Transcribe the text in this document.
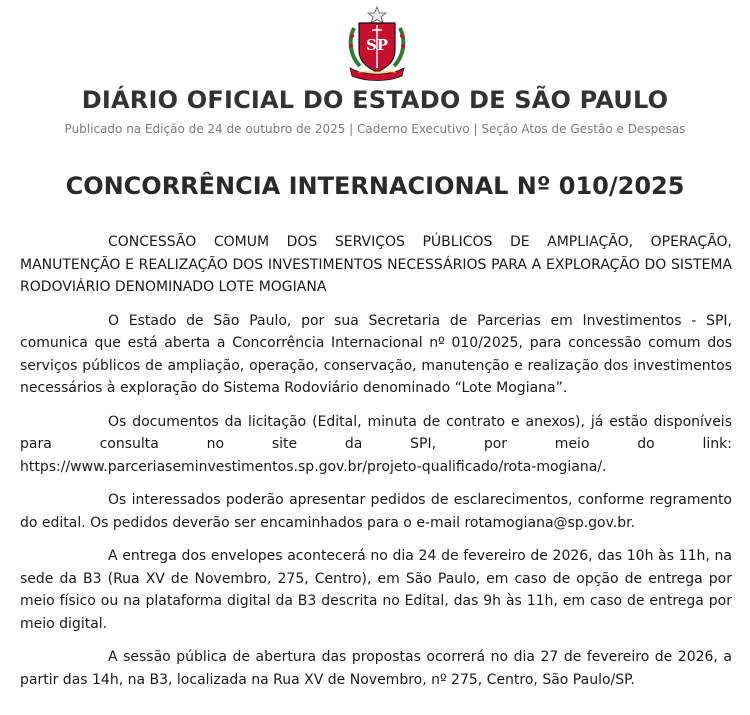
SP
DIÁRIO OFICIAL DO ESTADO DE SÃO PAULO
Publicado na Edição de 24 de outubro de 2025 | Caderno Executivo | Seção Atos de Gestão e Despesas
CONCORRÊNCIA INTERNACIONAL Nº 010/2025

CONCESSÃO COMUM DOS SERVIÇOS PÚBLICOS DE AMPLIAÇÃO, OPERAÇÃO, MANUTENÇÃO E REALIZAÇÃO DOS INVESTIMENTOS NECESSÁRIOS PARA A EXPLORAÇÃO DO SISTEMA RODOVIÁRIO DENOMINADO LOTE MOGIANA

O Estado de São Paulo, por sua Secretaria de Parcerias em Investimentos - SPI, comunica que está aberta a Concorrência Internacional nº 010/2025, para concessão comum dos serviços públicos de ampliação, operação, conservação, manutenção e realização dos investimentos necessários à exploração do Sistema Rodoviário denominado “Lote Mogiana”.

Os documentos da licitação (Edital, minuta de contrato e anexos), já estão disponíveis para consulta no site da SPI, por meio do link: https://www.parceriaseminvestimentos.sp.gov.br/projeto-qualificado/rota-mogiana/.

Os interessados poderão apresentar pedidos de esclarecimentos, conforme regramento do edital. Os pedidos deverão ser encaminhados para o e-mail rotamogiana@sp.gov.br.

A entrega dos envelopes acontecerá no dia 24 de fevereiro de 2026, das 10h às 11h, na sede da B3 (Rua XV de Novembro, 275, Centro), em São Paulo, em caso de opção de entrega por meio físico ou na plataforma digital da B3 descrita no Edital, das 9h às 11h, em caso de entrega por meio digital.

A sessão pública de abertura das propostas ocorrerá no dia 27 de fevereiro de 2026, a partir das 14h, na B3, localizada na Rua XV de Novembro, nº 275, Centro, São Paulo/SP.
